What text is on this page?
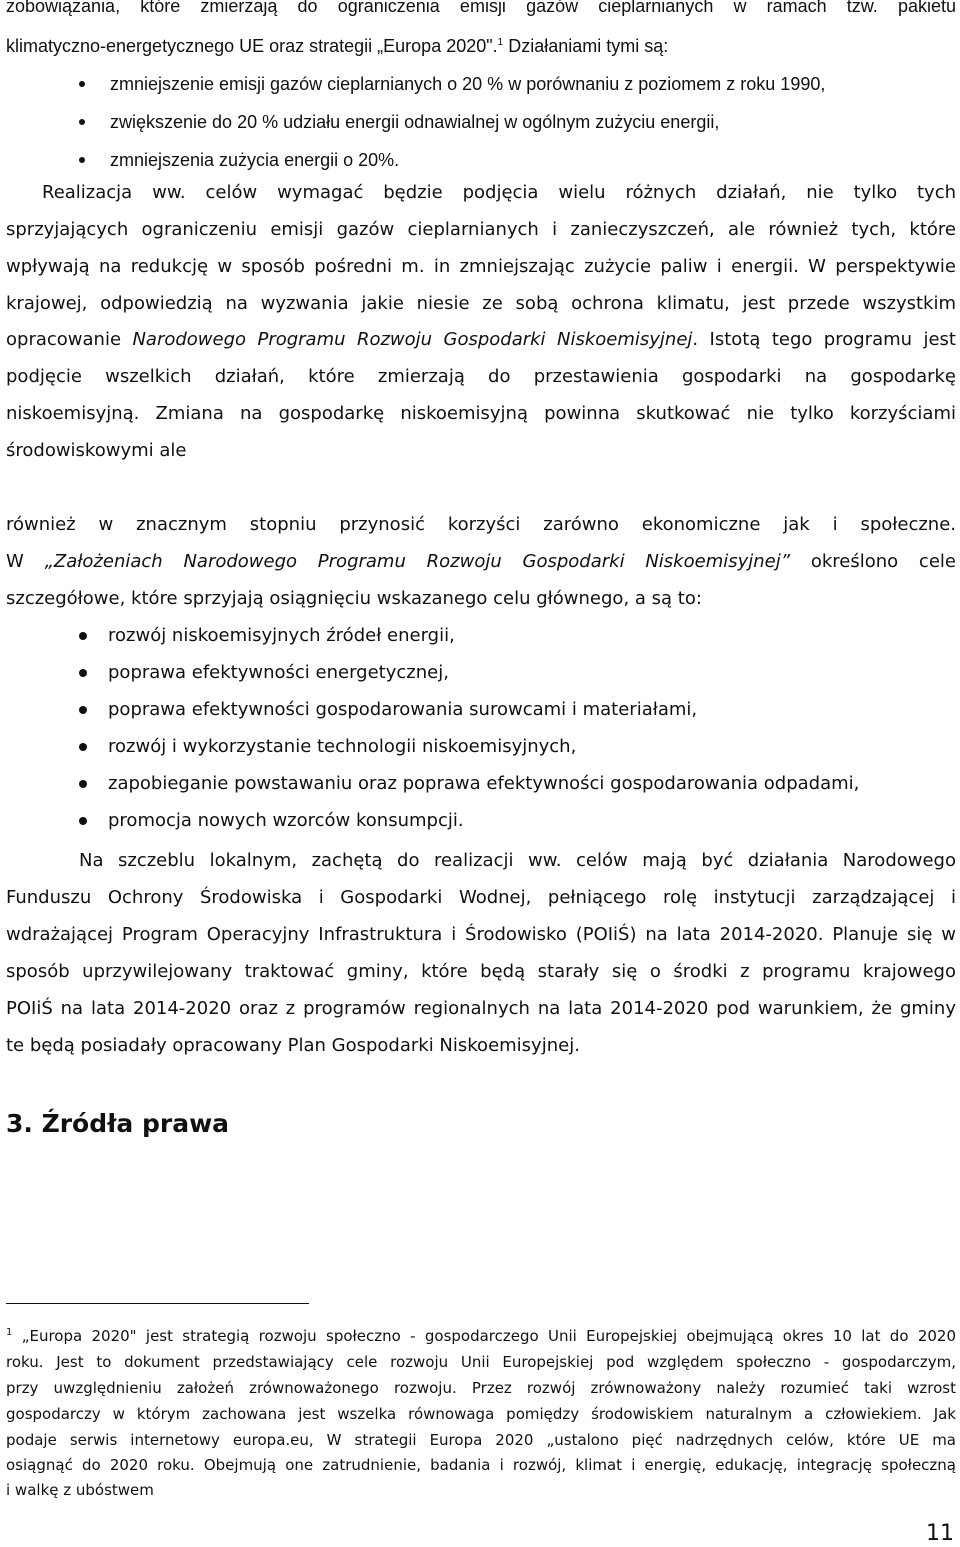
zobowiązania, które zmierzają do ograniczenia emisji gazów cieplarnianych w ramach tzw. pakietu

klimatyczno-energetycznego UE oraz strategii „Europa 2020".$^1$ Działaniami tymi są:

zmniejszenie emisji gazów cieplarnianych o 20 % w porównaniu z poziomem z roku 1990,
zwiększenie do 20 % udziału energii odnawialnej w ogólnym zużyciu energii,
zmniejszenia zużycia energii o 20%.

Realizacja ww. celów wymagać będzie podjęcia wielu różnych działań, nie tylko tych

sprzyjających ograniczeniu emisji gazów cieplarnianych i zanieczyszczeń, ale również tych, które

wpływają na redukcję w sposób pośredni m. in zmniejszając zużycie paliw i energii. W perspektywie

krajowej, odpowiedzią na wyzwania jakie niesie ze sobą ochrona klimatu, jest przede wszystkim

opracowanie Narodowego Programu Rozwoju Gospodarki Niskoemisyjnej. Istotą tego programu jest

podjęcie wszelkich działań, które zmierzają do przestawienia gospodarki na gospodarkę

niskoemisyjną. Zmiana na gospodarkę niskoemisyjną powinna skutkować nie tylko korzyściami

środowiskowymi ale

również w znacznym stopniu przynosić korzyści zarówno ekonomiczne jak i społeczne.

W „Założeniach Narodowego Programu Rozwoju Gospodarki Niskoemisyjnej” określono cele

szczegółowe, które sprzyjają osiągnięciu wskazanego celu głównego, a są to:

rozwój niskoemisyjnych źródeł energii,
poprawa efektywności energetycznej,
poprawa efektywności gospodarowania surowcami i materiałami,
rozwój i wykorzystanie technologii niskoemisyjnych,
zapobieganie powstawaniu oraz poprawa efektywności gospodarowania odpadami,
promocja nowych wzorców konsumpcji.

Na szczeblu lokalnym, zachętą do realizacji ww. celów mają być działania Narodowego

Funduszu Ochrony Środowiska i Gospodarki Wodnej, pełniącego rolę instytucji zarządzającej i

wdrażającej Program Operacyjny Infrastruktura i Środowisko (POIiŚ) na lata 2014-2020. Planuje się w

sposób uprzywilejowany traktować gminy, które będą starały się o środki z programu krajowego

POIiŚ na lata 2014-2020 oraz z programów regionalnych na lata 2014-2020 pod warunkiem, że gminy

te będą posiadały opracowany Plan Gospodarki Niskoemisyjnej.

3. Źródła prawa

$^1$ „Europa 2020" jest strategią rozwoju społeczno - gospodarczego Unii Europejskiej obejmującą okres 10 lat do 2020

roku. Jest to dokument przedstawiający cele rozwoju Unii Europejskiej pod względem społeczno - gospodarczym,

przy uwzględnieniu założeń zrównoważonego rozwoju. Przez rozwój zrównoważony należy rozumieć taki wzrost

gospodarczy w którym zachowana jest wszelka równowaga pomiędzy środowiskiem naturalnym a człowiekiem. Jak

podaje serwis internetowy europa.eu, W strategii Europa 2020 „ustalono pięć nadrzędnych celów, które UE ma

osiągnąć do 2020 roku. Obejmują one zatrudnienie, badania i rozwój, klimat i energię, edukację, integrację społeczną

i walkę z ubóstwem

11
